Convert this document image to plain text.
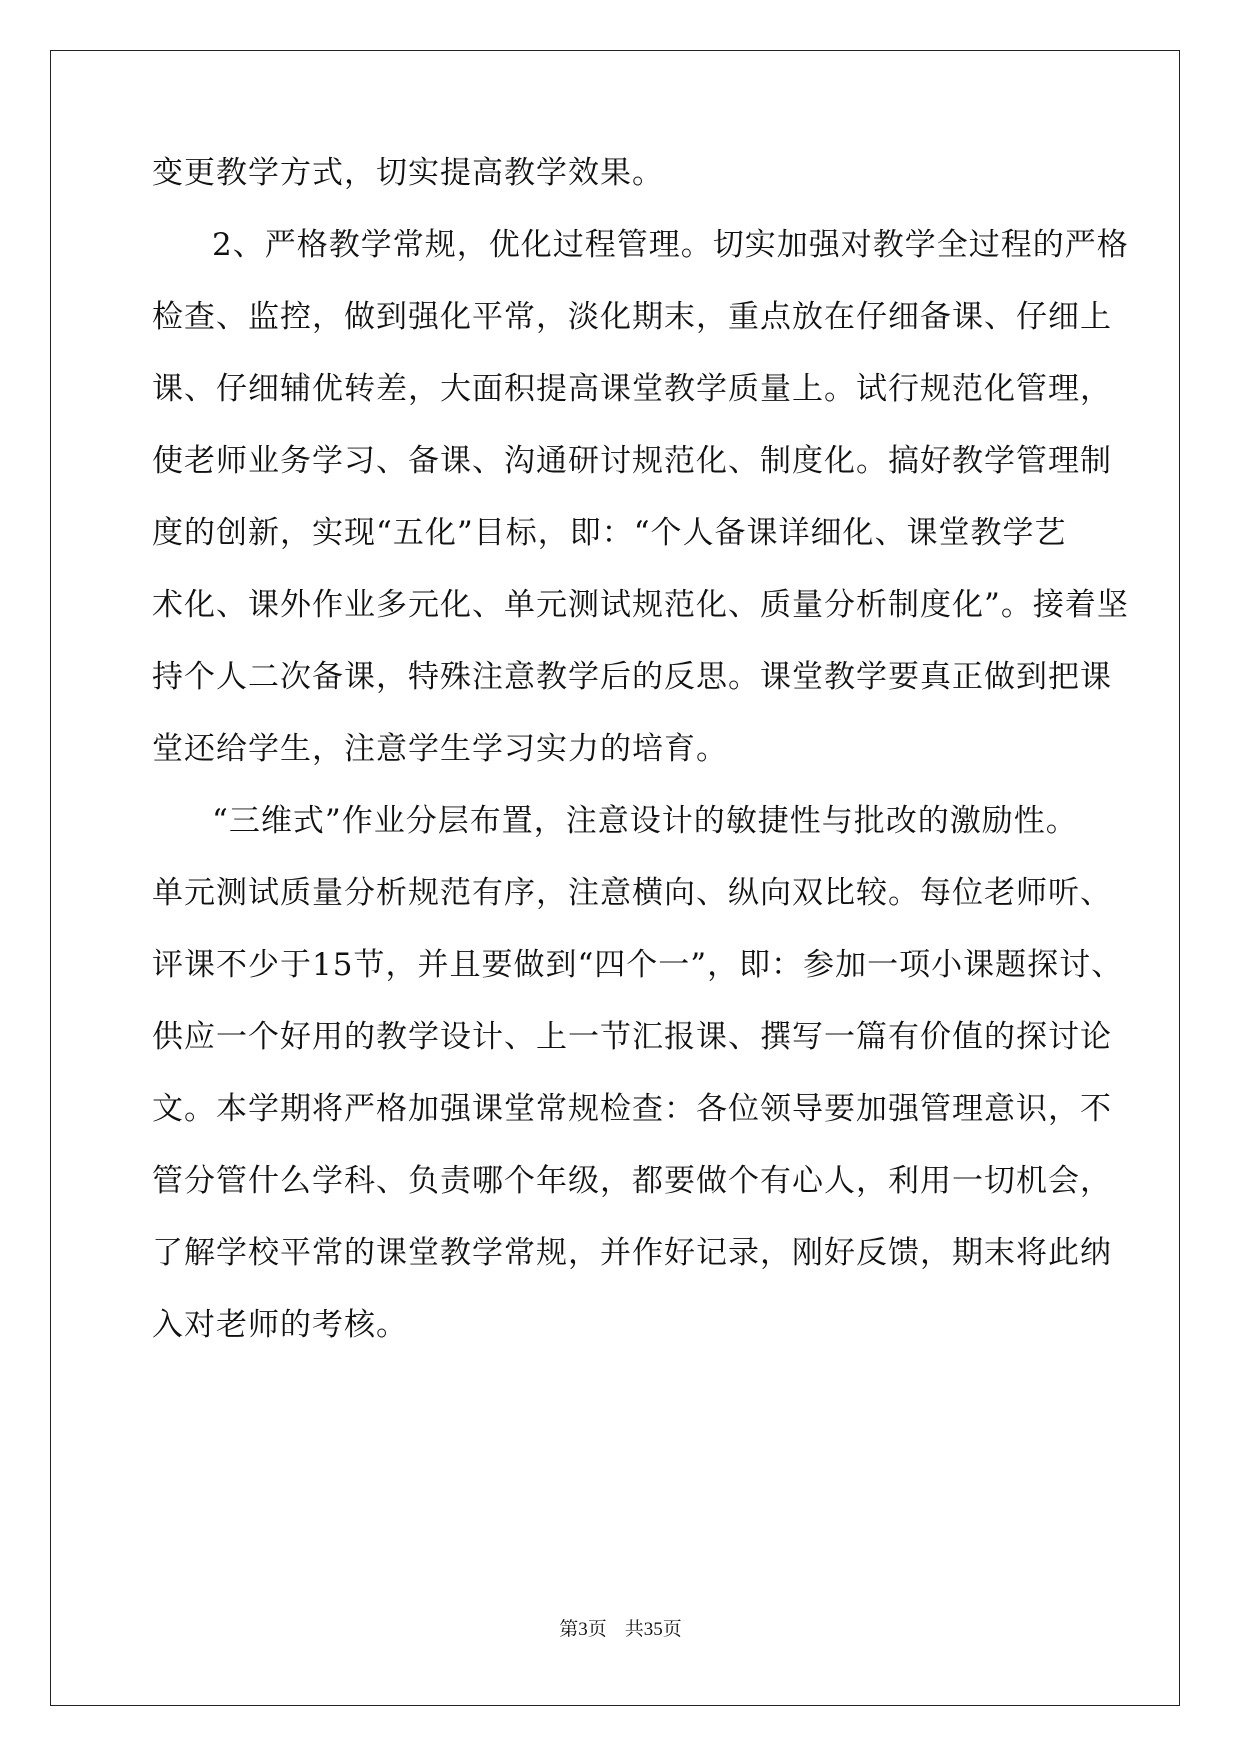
变更教学方式，切实提高教学效果。
2、严格教学常规，优化过程管理。切实加强对教学全过程的严格
检查、监控，做到强化平常，淡化期末，重点放在仔细备课、仔细上
课、仔细辅优转差，大面积提高课堂教学质量上。试行规范化管理，
使老师业务学习、备课、沟通研讨规范化、制度化。搞好教学管理制
度的创新，实现“五化”目标，即：“个人备课详细化、课堂教学艺
术化、课外作业多元化、单元测试规范化、质量分析制度化”。接着坚
持个人二次备课，特殊注意教学后的反思。课堂教学要真正做到把课
堂还给学生，注意学生学习实力的培育。
“三维式”作业分层布置，注意设计的敏捷性与批改的激励性。
单元测试质量分析规范有序，注意横向、纵向双比较。每位老师听、
评课不少于15节，并且要做到“四个一”，即：参加一项小课题探讨、
供应一个好用的教学设计、上一节汇报课、撰写一篇有价值的探讨论
文。本学期将严格加强课堂常规检查：各位领导要加强管理意识，不
管分管什么学科、负责哪个年级，都要做个有心人，利用一切机会，
了解学校平常的课堂教学常规，并作好记录，刚好反馈，期末将此纳
入对老师的考核。
第3页 共35页
